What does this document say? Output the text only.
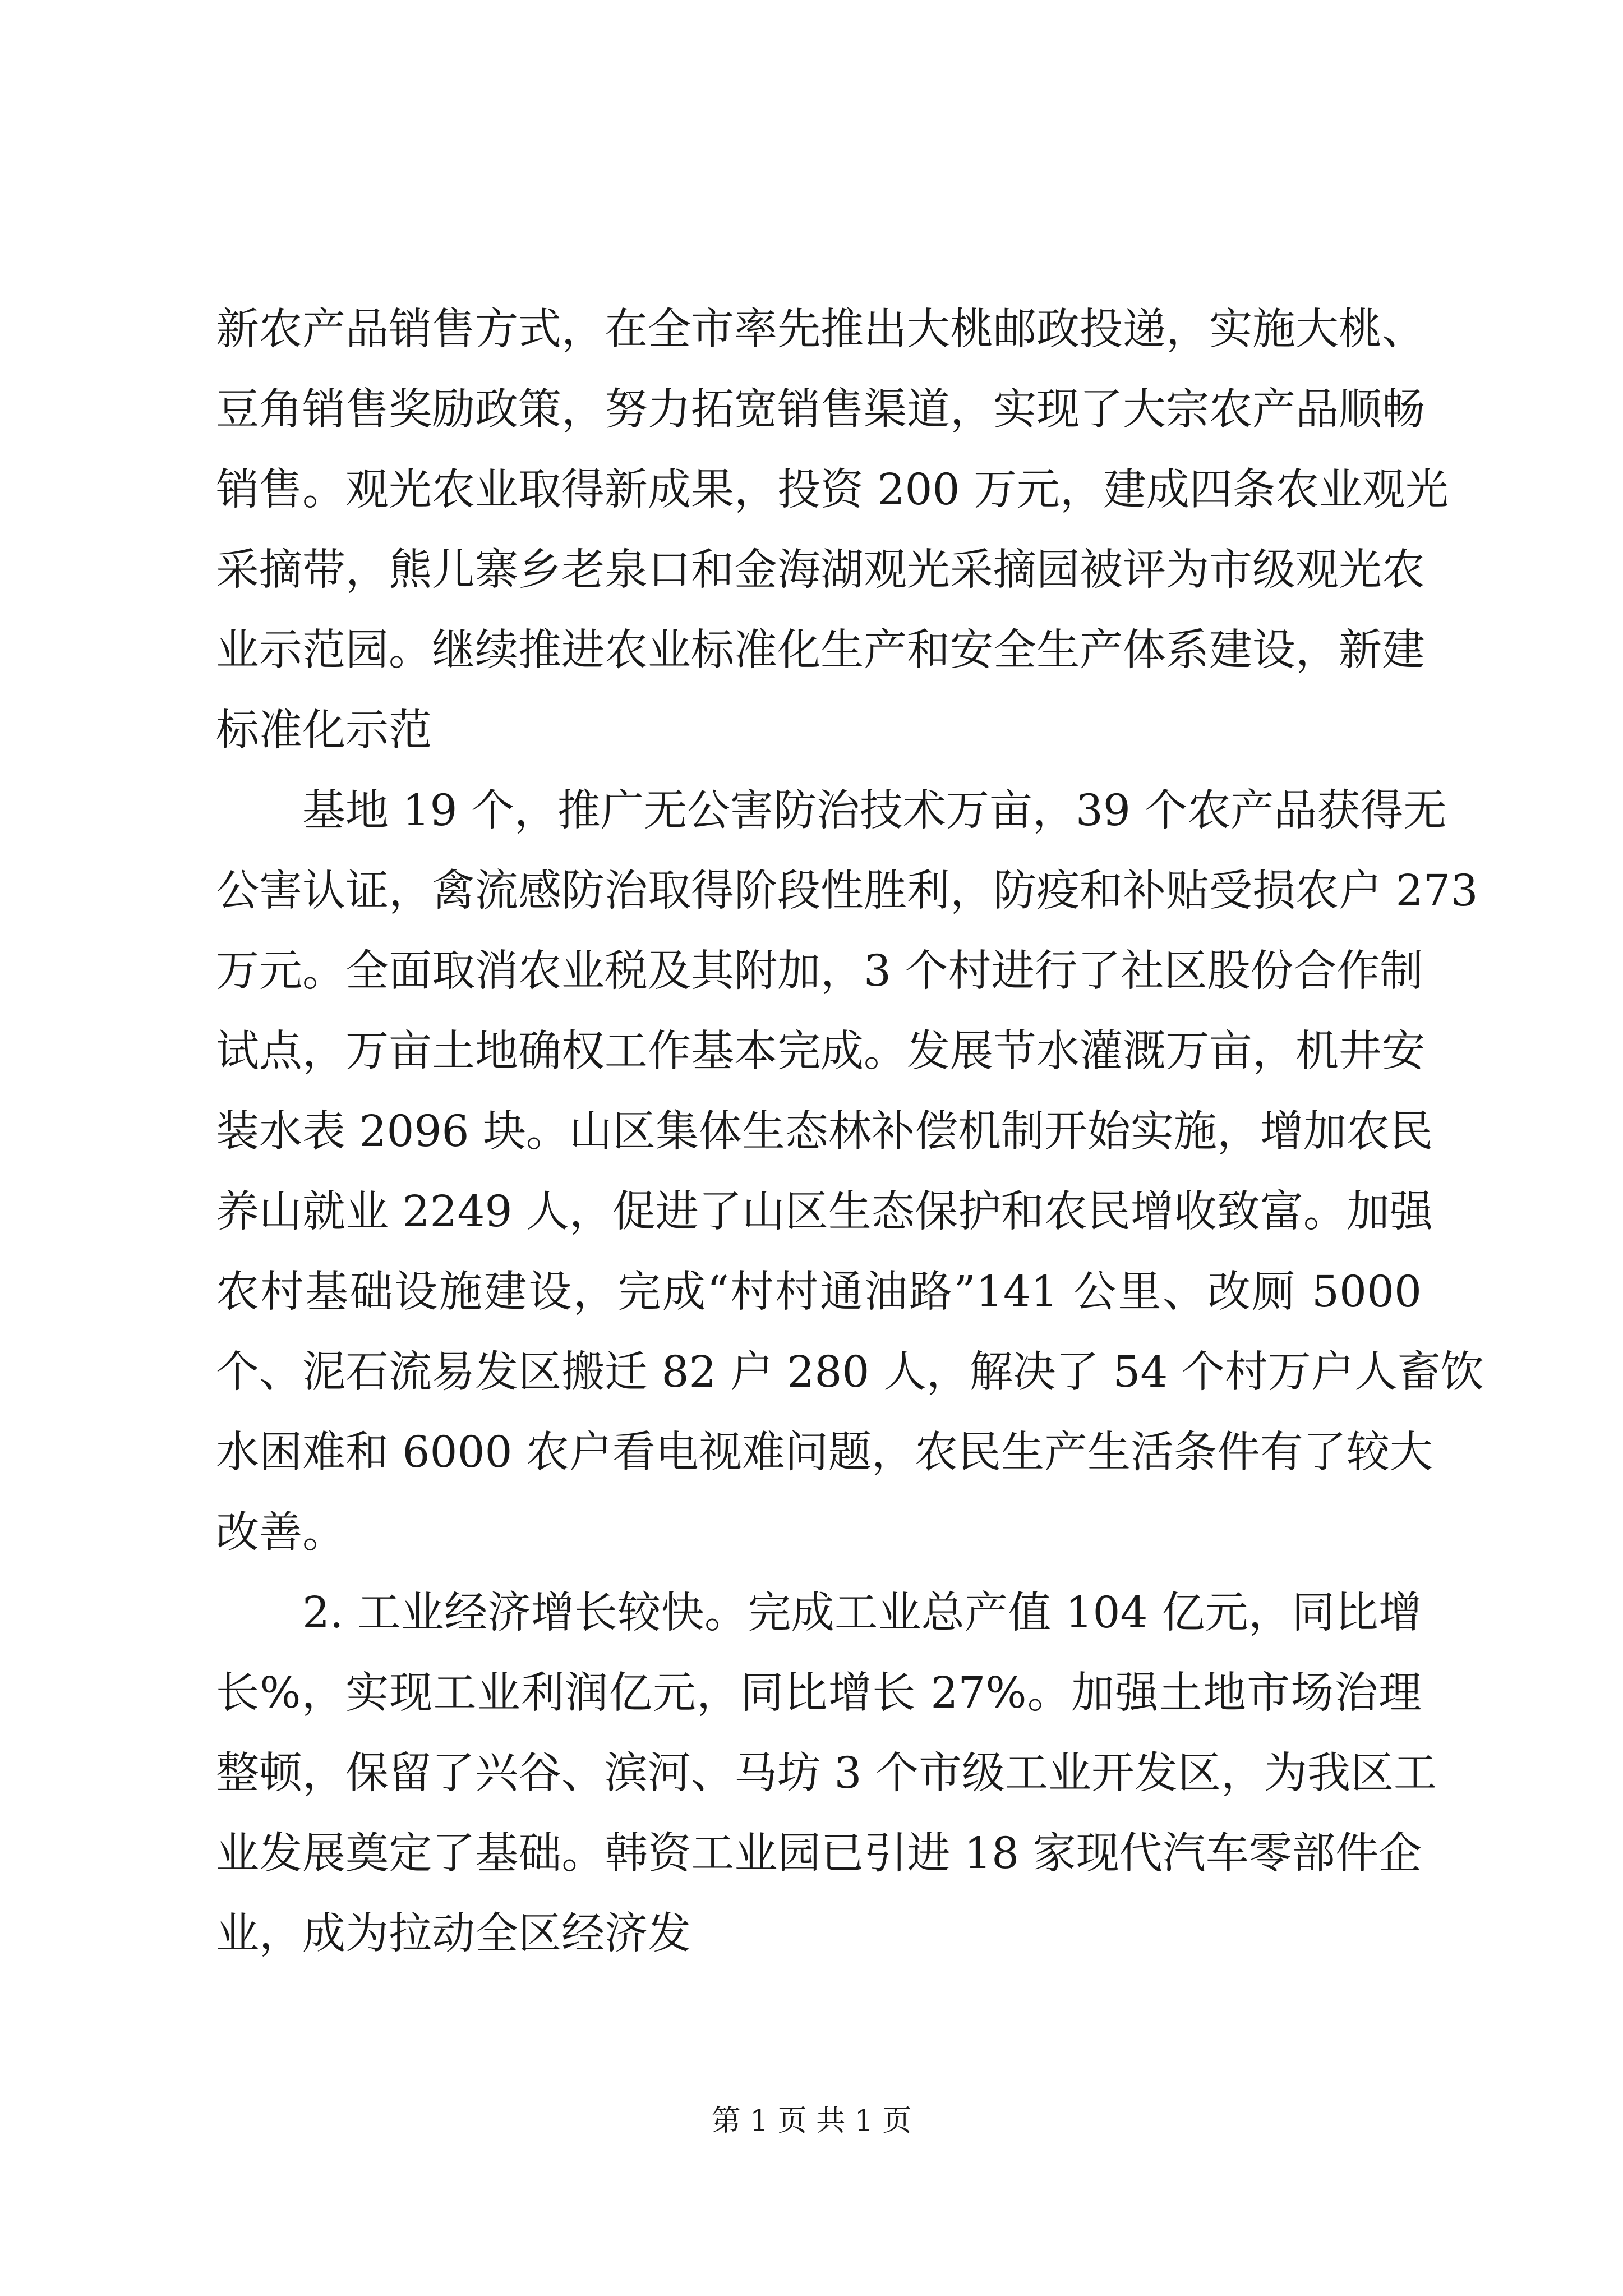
新农产品销售方式，在全市率先推出大桃邮政投递，实施大桃、
豆角销售奖励政策，努力拓宽销售渠道，实现了大宗农产品顺畅
销售。观光农业取得新成果，投资 200 万元，建成四条农业观光
采摘带，熊儿寨乡老泉口和金海湖观光采摘园被评为市级观光农
业示范园。继续推进农业标准化生产和安全生产体系建设，新建
标准化示范
基地 19 个，推广无公害防治技术万亩，39 个农产品获得无
公害认证，禽流感防治取得阶段性胜利，防疫和补贴受损农户 273
万元。全面取消农业税及其附加，3 个村进行了社区股份合作制
试点，万亩土地确权工作基本完成。发展节水灌溉万亩，机井安
装水表 2096 块。山区集体生态林补偿机制开始实施，增加农民
养山就业 2249 人，促进了山区生态保护和农民增收致富。加强
农村基础设施建设，完成“村村通油路”141 公里、改厕 5000
个、泥石流易发区搬迁 82 户 280 人，解决了 54 个村万户人畜饮
水困难和 6000 农户看电视难问题，农民生产生活条件有了较大
改善。
2. 工业经济增长较快。完成工业总产值 104 亿元，同比增
长%，实现工业利润亿元，同比增长 27%。加强土地市场治理
整顿，保留了兴谷、滨河、马坊 3 个市级工业开发区，为我区工
业发展奠定了基础。韩资工业园已引进 18 家现代汽车零部件企
业，成为拉动全区经济发
第 1 页 共 1 页
